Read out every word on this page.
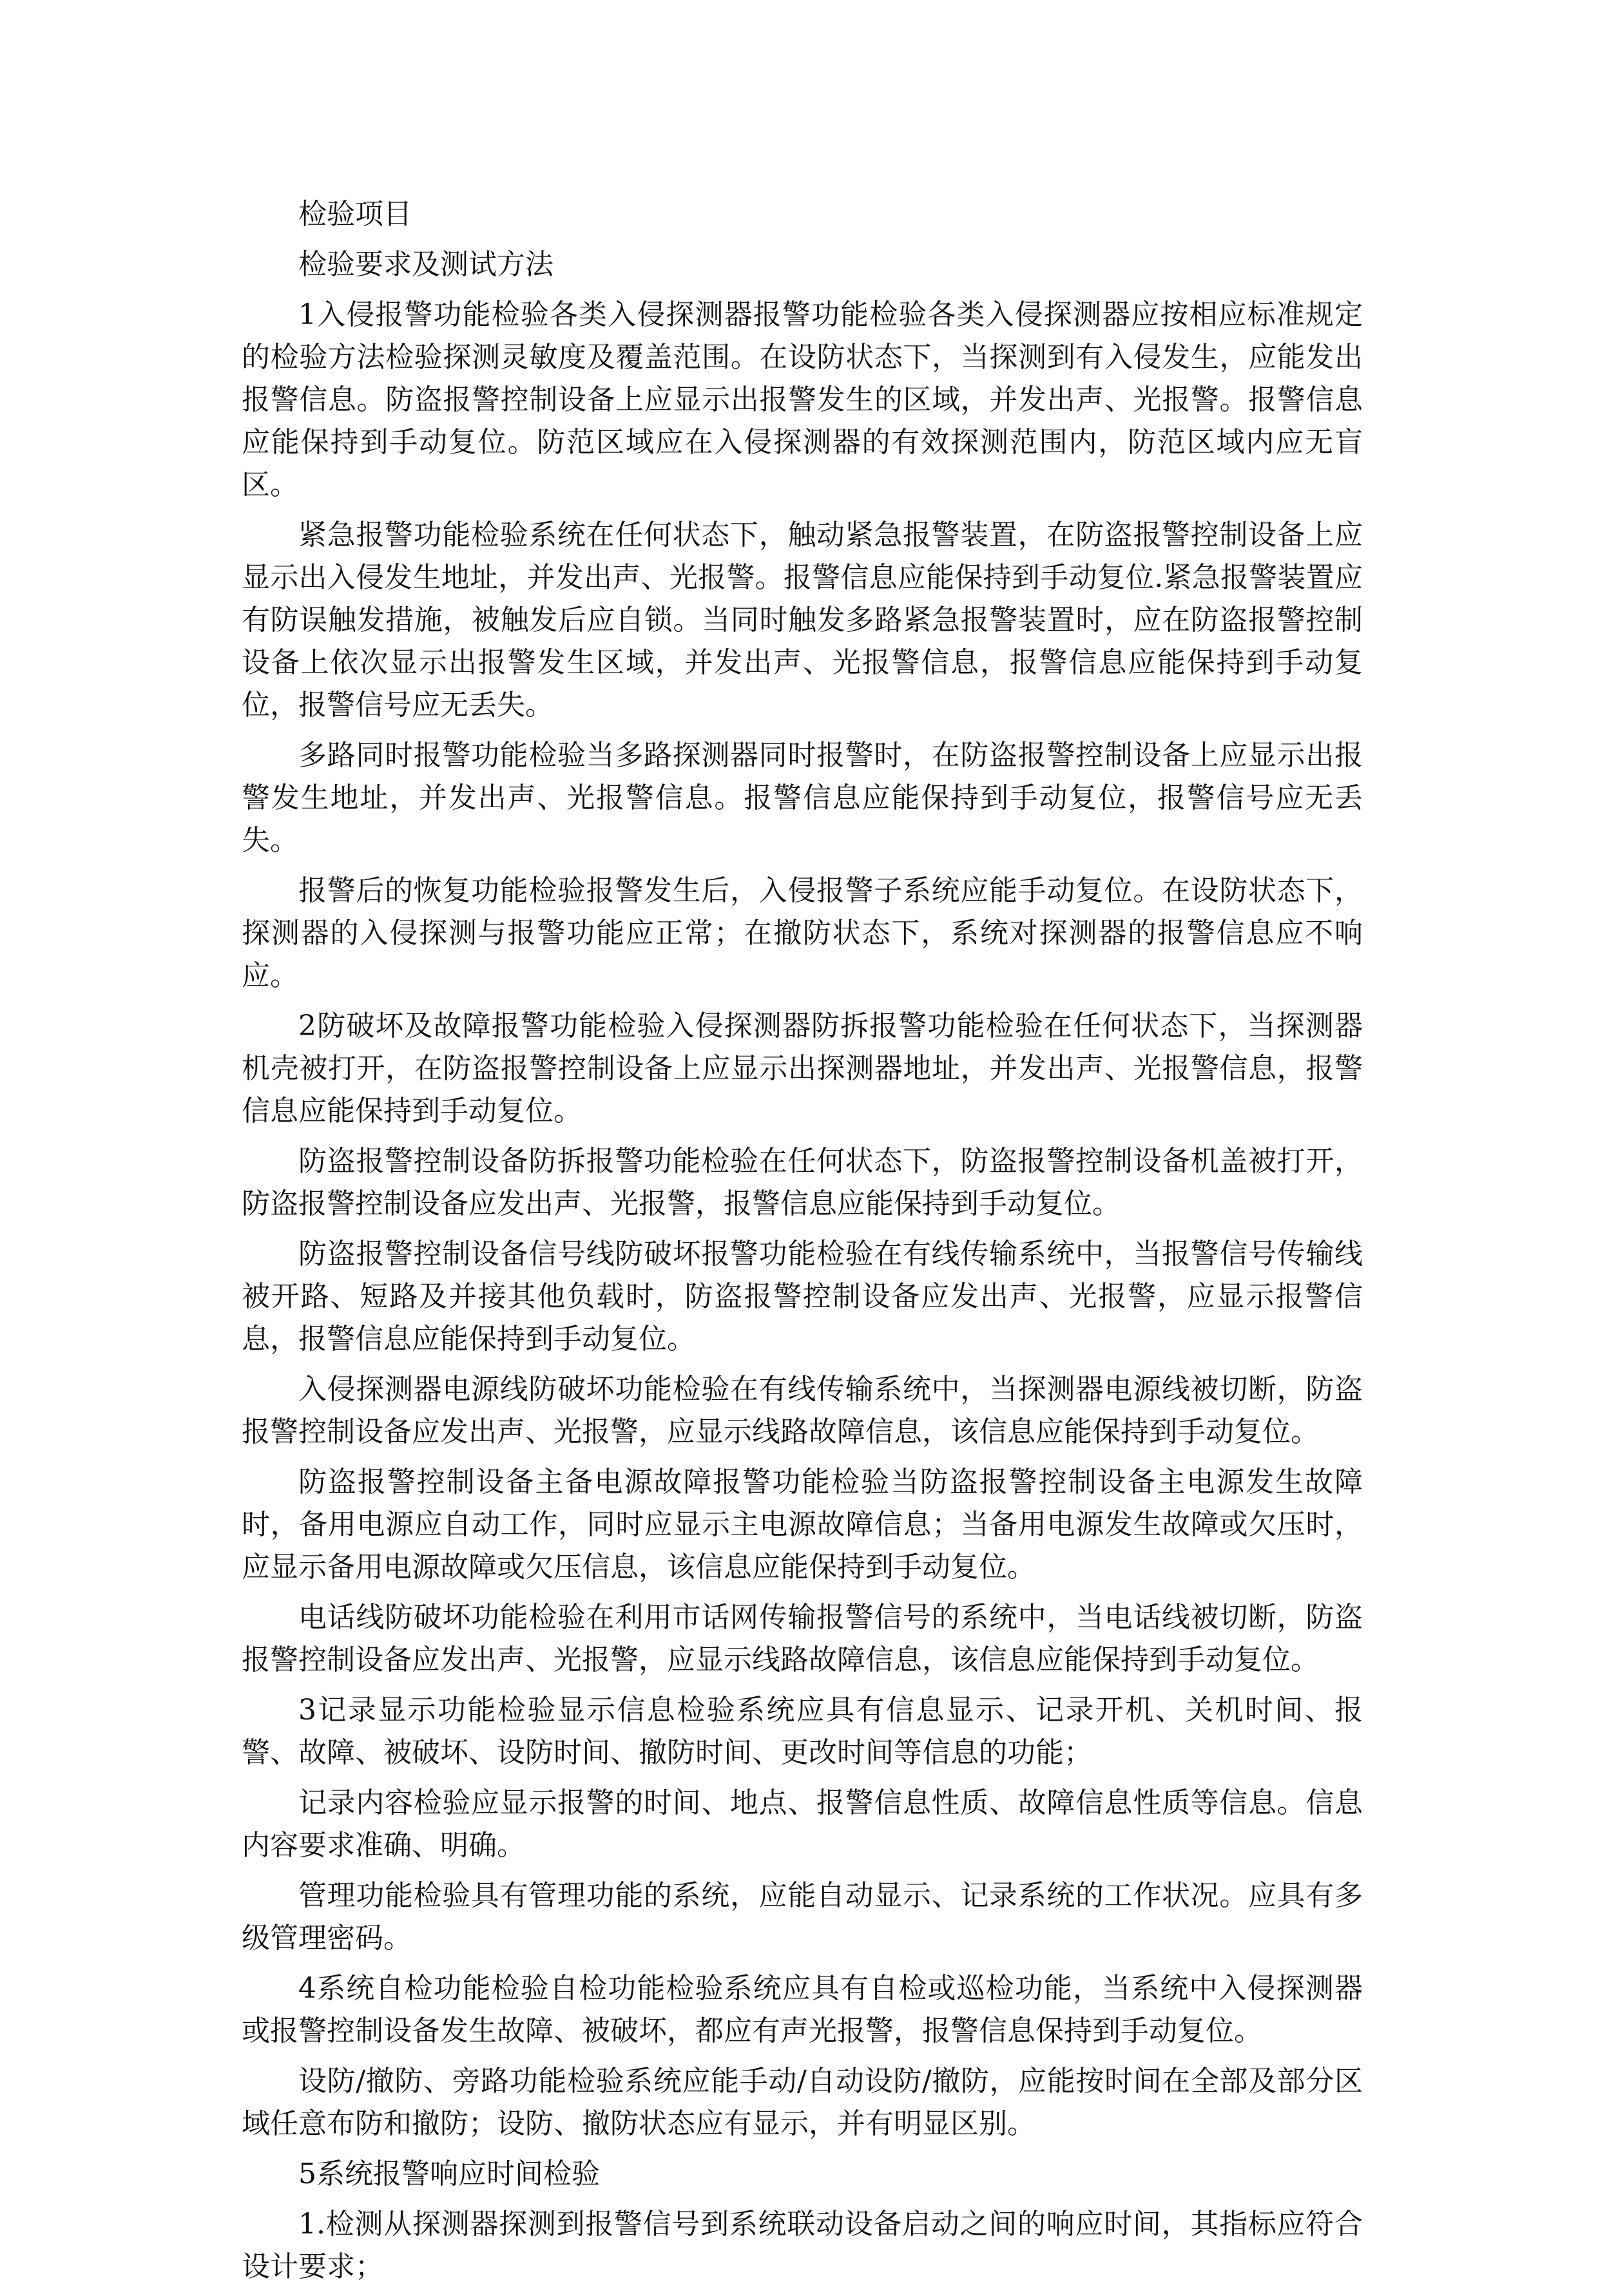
检验项目

检验要求及测试方法

1入侵报警功能检验各类入侵探测器报警功能检验各类入侵探测器应按相应标准规定的检验方法检验探测灵敏度及覆盖范围。在设防状态下，当探测到有入侵发生，应能发出报警信息。防盗报警控制设备上应显示出报警发生的区域，并发出声、光报警。报警信息应能保持到手动复位。防范区域应在入侵探测器的有效探测范围内，防范区域内应无盲区。

紧急报警功能检验系统在任何状态下，触动紧急报警装置，在防盗报警控制设备上应显示出入侵发生地址，并发出声、光报警。报警信息应能保持到手动复位.紧急报警装置应有防误触发措施，被触发后应自锁。当同时触发多路紧急报警装置时，应在防盗报警控制设备上依次显示出报警发生区域，并发出声、光报警信息，报警信息应能保持到手动复位，报警信号应无丢失。

多路同时报警功能检验当多路探测器同时报警时，在防盗报警控制设备上应显示出报警发生地址，并发出声、光报警信息。报警信息应能保持到手动复位，报警信号应无丢失。

报警后的恢复功能检验报警发生后，入侵报警子系统应能手动复位。在设防状态下，探测器的入侵探测与报警功能应正常；在撤防状态下，系统对探测器的报警信息应不响应。

2防破坏及故障报警功能检验入侵探测器防拆报警功能检验在任何状态下，当探测器机壳被打开，在防盗报警控制设备上应显示出探测器地址，并发出声、光报警信息，报警信息应能保持到手动复位。

防盗报警控制设备防拆报警功能检验在任何状态下，防盗报警控制设备机盖被打开，防盗报警控制设备应发出声、光报警，报警信息应能保持到手动复位。

防盗报警控制设备信号线防破坏报警功能检验在有线传输系统中，当报警信号传输线被开路、短路及并接其他负载时，防盗报警控制设备应发出声、光报警，应显示报警信息，报警信息应能保持到手动复位。

入侵探测器电源线防破坏功能检验在有线传输系统中，当探测器电源线被切断，防盗报警控制设备应发出声、光报警，应显示线路故障信息，该信息应能保持到手动复位。

防盗报警控制设备主备电源故障报警功能检验当防盗报警控制设备主电源发生故障时，备用电源应自动工作，同时应显示主电源故障信息；当备用电源发生故障或欠压时，应显示备用电源故障或欠压信息，该信息应能保持到手动复位。

电话线防破坏功能检验在利用市话网传输报警信号的系统中，当电话线被切断，防盗报警控制设备应发出声、光报警，应显示线路故障信息，该信息应能保持到手动复位。

3记录显示功能检验显示信息检验系统应具有信息显示、记录开机、关机时间、报警、故障、被破坏、设防时间、撤防时间、更改时间等信息的功能；

记录内容检验应显示报警的时间、地点、报警信息性质、故障信息性质等信息。信息内容要求准确、明确。

管理功能检验具有管理功能的系统，应能自动显示、记录系统的工作状况。应具有多级管理密码。

4系统自检功能检验自检功能检验系统应具有自检或巡检功能，当系统中入侵探测器或报警控制设备发生故障、被破坏，都应有声光报警，报警信息保持到手动复位。

设防/撤防、旁路功能检验系统应能手动/自动设防/撤防，应能按时间在全部及部分区域任意布防和撤防；设防、撤防状态应有显示，并有明显区别。

5系统报警响应时间检验

1.检测从探测器探测到报警信号到系统联动设备启动之间的响应时间，其指标应符合设计要求；
